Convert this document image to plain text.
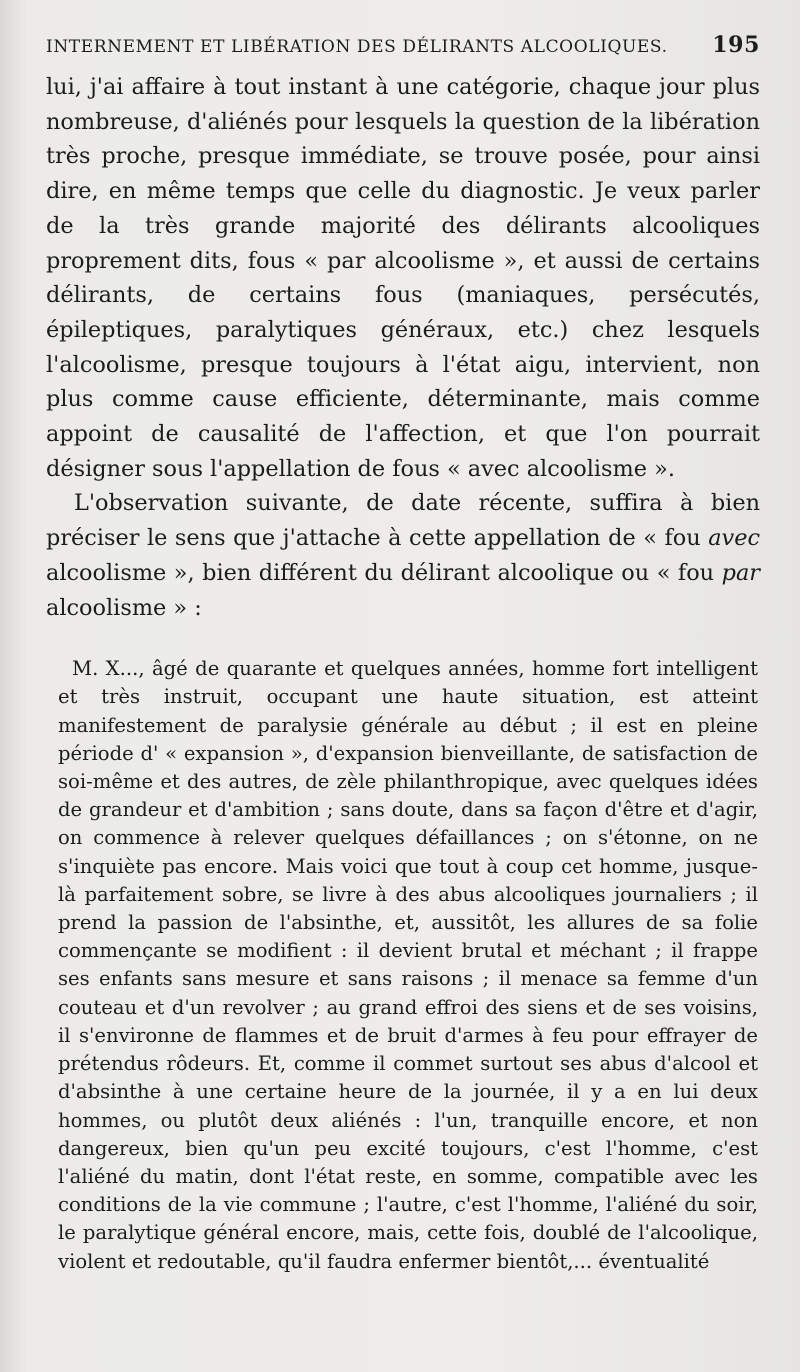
INTERNEMENT ET LIBÉRATION DES DÉLIRANTS ALCOOLIQUES. 195

lui, j'ai affaire à tout instant à une catégorie, chaque jour plus nombreuse, d'aliénés pour lesquels la question de la libération très proche, presque immédiate, se trouve posée, pour ainsi dire, en même temps que celle du diagnostic. Je veux parler de la très grande majorité des délirants alcooliques proprement dits, fous « par alcoolisme », et aussi de certains délirants, de certains fous (maniaques, persécutés, épileptiques, paralytiques généraux, etc.) chez lesquels l'alcoolisme, presque toujours à l'état aigu, intervient, non plus comme cause efficiente, déterminante, mais comme appoint de causalité de l'affection, et que l'on pourrait désigner sous l'appellation de fous « avec alcoolisme ».

L'observation suivante, de date récente, suffira à bien préciser le sens que j'attache à cette appellation de « fou avec alcoolisme », bien différent du délirant alcoolique ou « fou par alcoolisme » :

M. X..., âgé de quarante et quelques années, homme fort intelligent et très instruit, occupant une haute situation, est atteint manifestement de paralysie générale au début ; il est en pleine période d' « expansion », d'expansion bienveillante, de satisfaction de soi-même et des autres, de zèle philanthropique, avec quelques idées de grandeur et d'ambition ; sans doute, dans sa façon d'être et d'agir, on commence à relever quelques défaillances ; on s'étonne, on ne s'inquiète pas encore. Mais voici que tout à coup cet homme, jusque-là parfaitement sobre, se livre à des abus alcooliques journaliers ; il prend la passion de l'absinthe, et, aussitôt, les allures de sa folie commençante se modifient : il devient brutal et méchant ; il frappe ses enfants sans mesure et sans raisons ; il menace sa femme d'un couteau et d'un revolver ; au grand effroi des siens et de ses voisins, il s'environne de flammes et de bruit d'armes à feu pour effrayer de prétendus rôdeurs. Et, comme il commet surtout ses abus d'alcool et d'absinthe à une certaine heure de la journée, il y a en lui deux hommes, ou plutôt deux aliénés : l'un, tranquille encore, et non dangereux, bien qu'un peu excité toujours, c'est l'homme, c'est l'aliéné du matin, dont l'état reste, en somme, compatible avec les conditions de la vie commune ; l'autre, c'est l'homme, l'aliéné du soir, le paralytique général encore, mais, cette fois, doublé de l'alcoolique, violent et redoutable, qu'il faudra enfermer bientôt,... éventualité
